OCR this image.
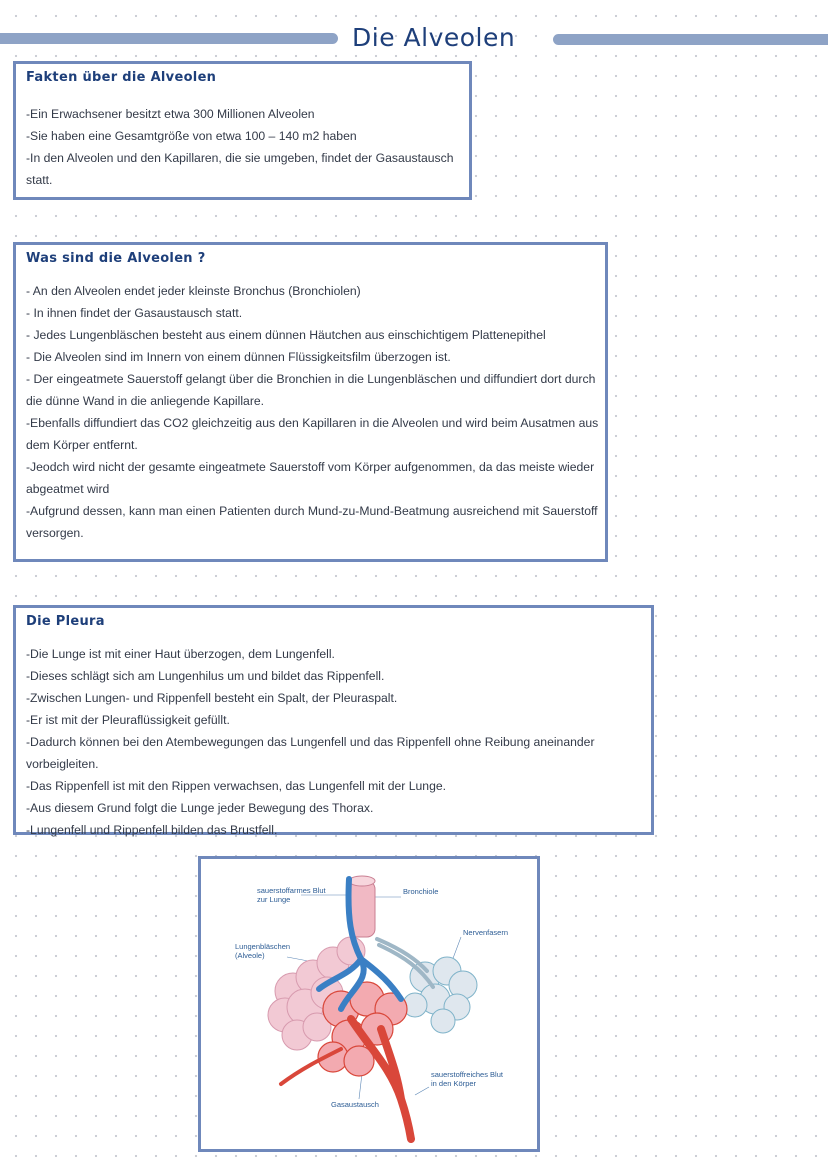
Die Alveolen
Fakten über die Alveolen
-Ein Erwachsener besitzt etwa 300 Millionen Alveolen
-Sie haben eine Gesamtgröße von etwa 100 – 140 m2 haben
-In den Alveolen und den Kapillaren, die sie umgeben, findet der Gasaustausch statt.
Was sind die Alveolen ?
- An den Alveolen endet jeder kleinste Bronchus (Bronchiolen)
- In ihnen findet der Gasaustausch statt.
- Jedes Lungenbläschen besteht aus einem dünnen Häutchen aus einschichtigem Plattenepithel
- Die Alveolen sind im Innern von einem dünnen Flüssigkeitsfilm überzogen ist.
- Der eingeatmete Sauerstoff gelangt über die Bronchien in die Lungenbläschen und diffundiert dort durch die dünne Wand in die anliegende Kapillare.
-Ebenfalls diffundiert das CO2 gleichzeitig aus den Kapillaren in die Alveolen und wird beim Ausatmen aus dem Körper entfernt.
-Jeodch wird nicht der gesamte eingeatmete Sauerstoff vom Körper aufgenommen, da das meiste wieder abgeatmet wird
-Aufgrund dessen, kann man einen Patienten durch Mund-zu-Mund-Beatmung ausreichend mit Sauerstoff versorgen.
Die Pleura
-Die Lunge ist mit einer Haut überzogen, dem Lungenfell.
-Dieses schlägt sich am Lungenhilus um und bildet das Rippenfell.
-Zwischen Lungen- und Rippenfell besteht ein Spalt, der Pleuraspalt.
-Er ist mit der Pleuraflüssigkeit gefüllt.
-Dadurch können bei den Atembewegungen das Lungenfell und das Rippenfell ohne Reibung aneinander vorbeigleiten.
-Das Rippenfell ist mit den Rippen verwachsen, das Lungenfell mit der Lunge.
-Aus diesem Grund folgt die Lunge jeder Bewegung des Thorax.
-Lungenfell und Rippenfell bilden das Brustfell.
sauerstoffarmes Blut zur Lunge
Bronchiole
Nervenfasern
Lungenbläschen (Alveole)
sauerstoffreiches Blut in den Körper
Gasaustausch
